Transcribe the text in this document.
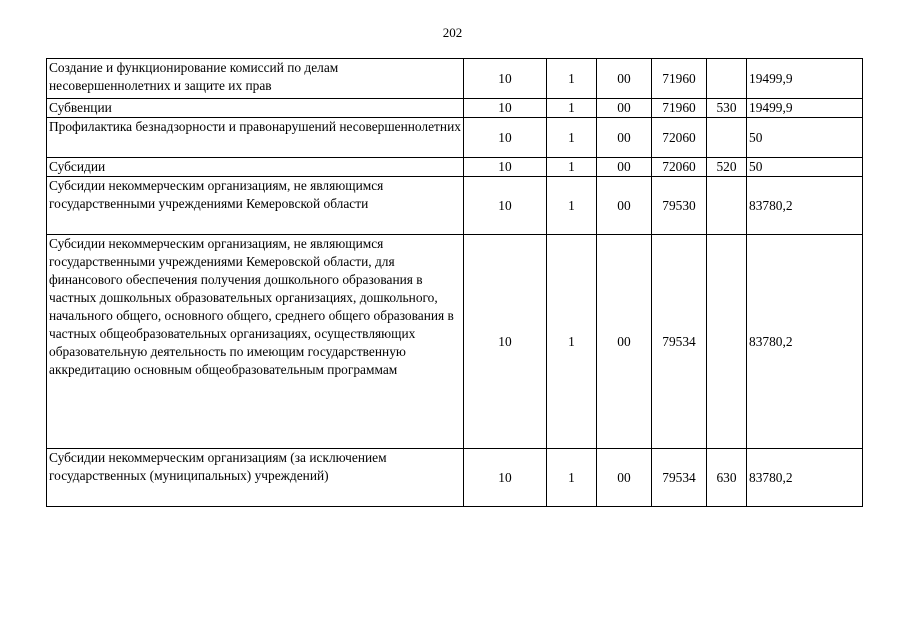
202
Создание и функционирование комиссий по делам несовершеннолетних и защите их прав	10	1	00	71960		19499,9
Субвенции	10	1	00	71960	530	19499,9
Профилактика безнадзорности и правонарушений несовершеннолетних	10	1	00	72060		50
Субсидии	10	1	00	72060	520	50
Субсидии некоммерческим организациям, не являющимся государственными учреждениями Кемеровской области	10	1	00	79530		83780,2
Субсидии некоммерческим организациям, не являющимся государственными учреждениями Кемеровской области, для финансового обеспечения получения дошкольного образования в частных дошкольных образовательных организациях, дошкольного, начального общего, основного общего, среднего общего образования в частных общеобразовательных организациях, осуществляющих образовательную деятельность по имеющим государственную аккредитацию основным общеобразовательным программам	10	1	00	79534		83780,2
Субсидии некоммерческим организациям (за исключением государственных (муниципальных) учреждений)	10	1	00	79534	630	83780,2
